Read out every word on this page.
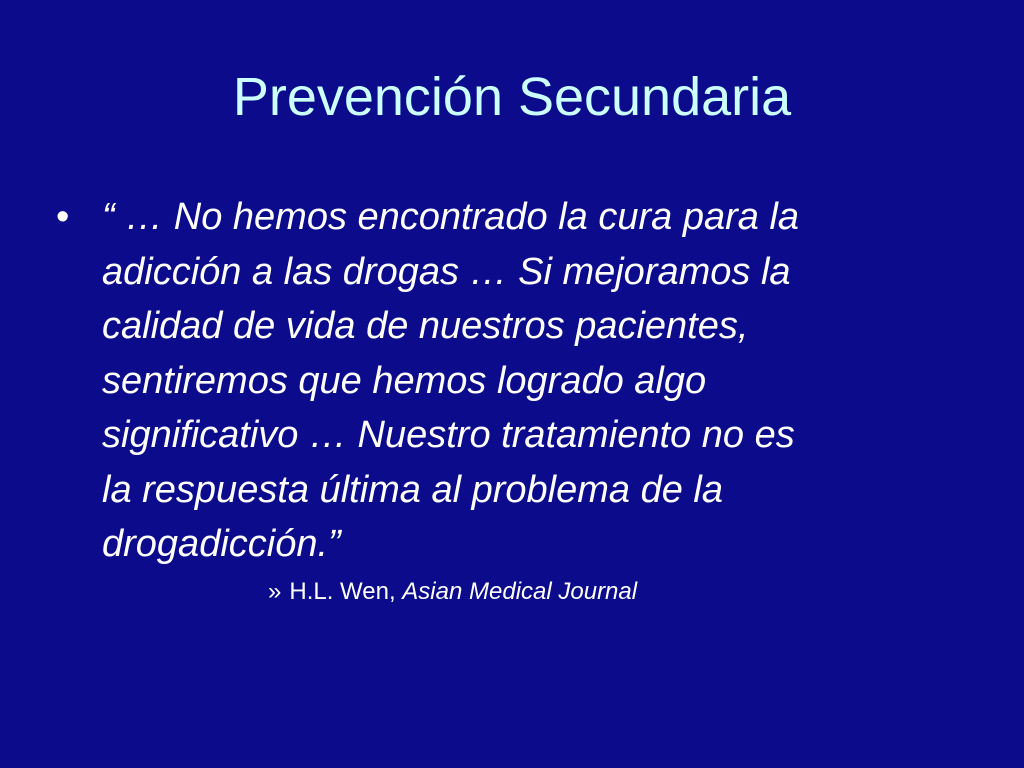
Prevención Secundaria
• “ … No hemos encontrado la cura para la
adicción a las drogas … Si mejoramos la
calidad de vida de nuestros pacientes,
sentiremos que hemos logrado algo
significativo … Nuestro tratamiento no es
la respuesta última al problema de la
drogadicción.”

» H.L. Wen, Asian Medical Journal
